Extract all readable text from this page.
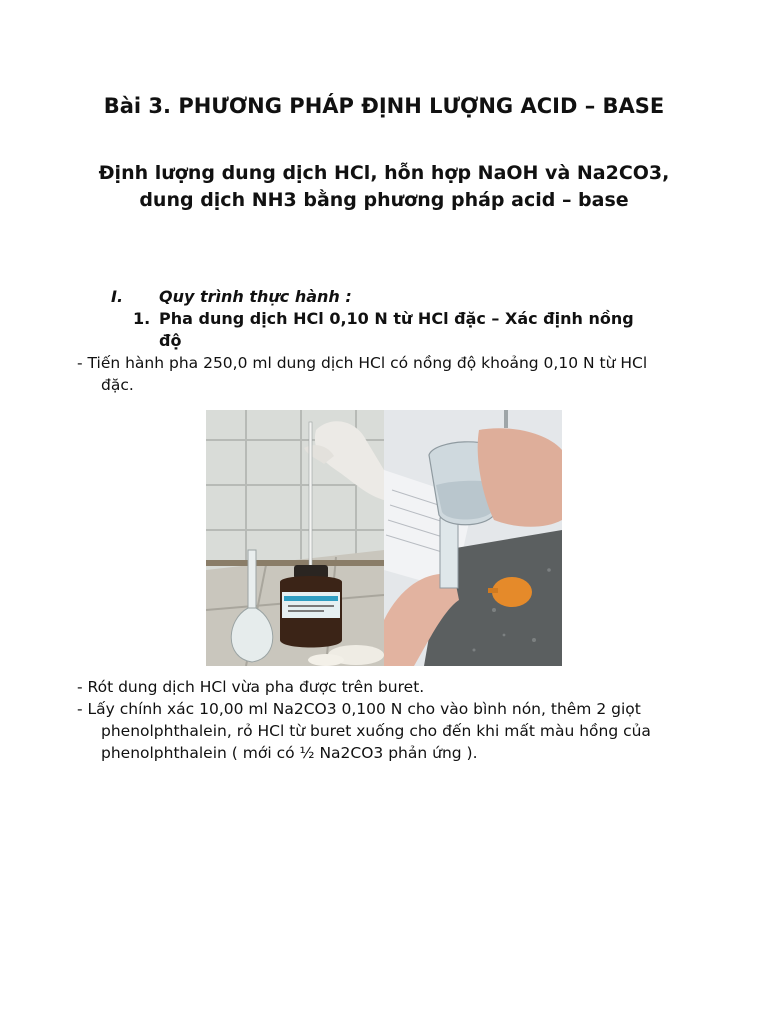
Bài 3. PHƯƠNG PHÁP ĐỊNH LƯỢNG ACID – BASE
Định lượng dung dịch HCl, hỗn hợp NaOH và Na2CO3, dung dịch NH3 bằng phương pháp acid – base
I. Quy trình thực hành :
1. Pha dung dịch HCl 0,10 N từ HCl đặc – Xác định nồng độ
- Tiến hành pha 250,0 ml dung dịch HCl có nồng độ khoảng 0,10 N từ HCl đặc.
- Rót dung dịch HCl vừa pha được trên buret.
- Lấy chính xác 10,00 ml Na2CO3 0,100 N cho vào bình nón, thêm 2 giọt phenolphthalein, rỏ HCl từ buret xuống cho đến khi mất màu hồng của phenolphthalein ( mới có ½ Na2CO3 phản ứng ).
